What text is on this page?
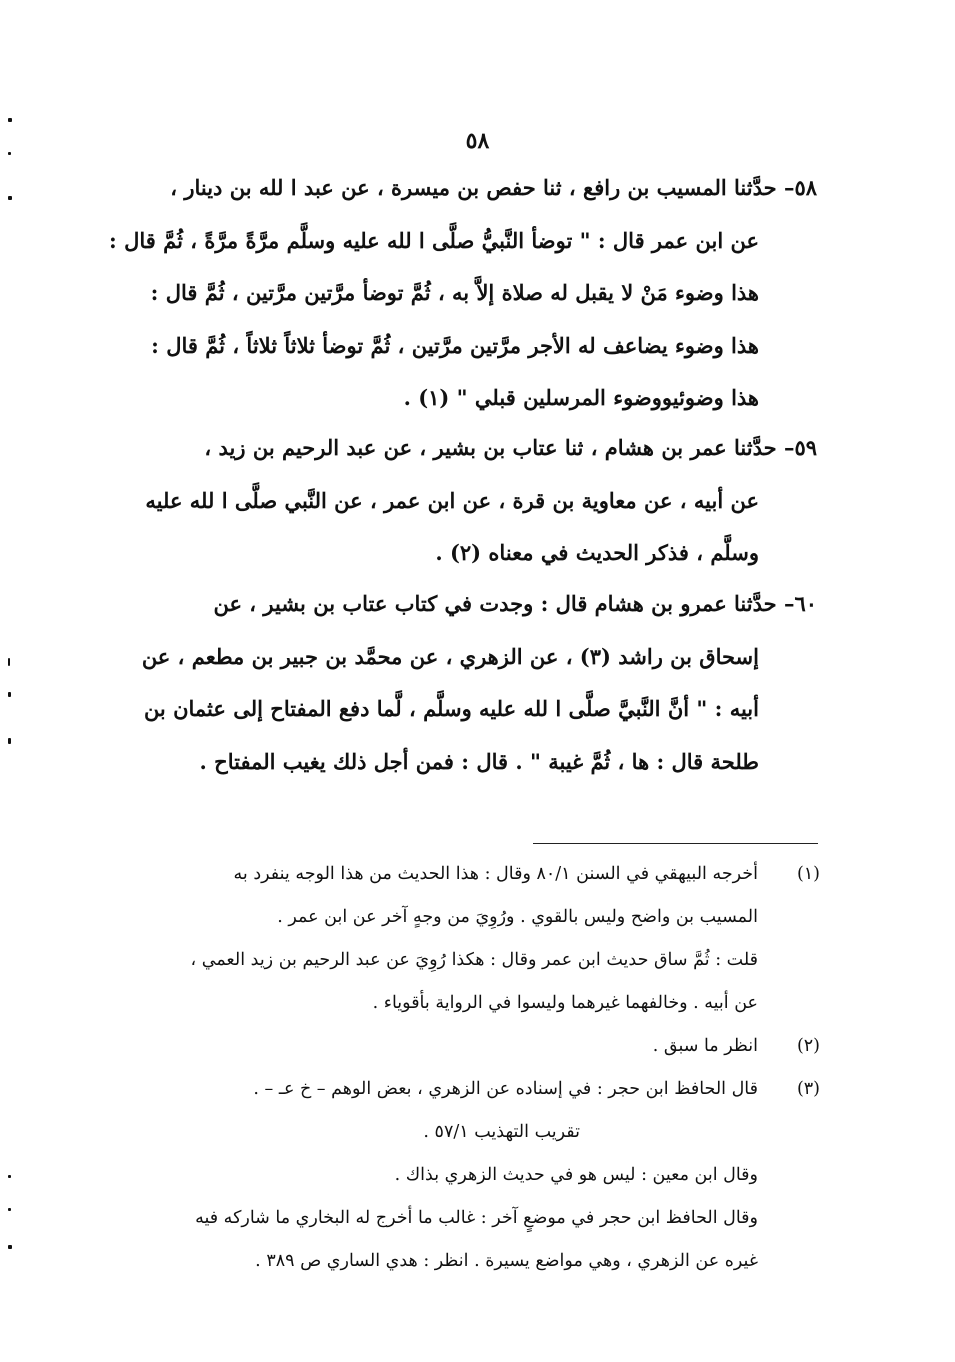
٥٨
٥٨– حدَّثنا المسيب بن رافع ، ثنا حفص بن ميسرة ، عن عبد ا لله بن دينار ،
عن ابن عمر قال : " توضأ النَّبيُّ صلَّى ا لله عليه وسلَّم مرَّةً مرَّةً ، ثُمَّ قال :
هذا وضوء مَنْ لا يقبل له صلاة إلاَّ به ، ثُمَّ توضأ مرَّتين مرَّتين ، ثُمَّ قال :
هذا وضوء يضاعف له الأجر مرَّتين مرَّتين ، ثُمَّ توضأ ثلاثاً ثلاثاً ، ثُمَّ قال :
هذا وضوئيووضوء المرسلين قبلي " (١) .
٥٩– حدَّثنا عمر بن هشام ، ثنا عتاب بن بشير ، عن عبد الرحيم بن زيد ،
عن أبيه ، عن معاوية بن قرة ، عن ابن عمر ، عن النَّبي صلَّى ا لله عليه
وسلَّم ، فذكر الحديث في معناه (٢) .
٦٠– حدَّثنا عمرو بن هشام قال : وجدت في كتاب عتاب بن بشير ، عن
إسحاق بن راشد (٣) ، عن الزهري ، عن محمَّد بن جبير بن مطعم ، عن
أبيه : " أنَّ النَّبيَّ صلَّى ا لله عليه وسلَّم ، لَّما دفع المفتاح إلى عثمان بن
طلحة قال : ها ، ثُمَّ غيبة " . قال : فمن أجل ذلك يغيب المفتاح .
(١)أخرجه البيهقي في السنن ٨٠/١ وقال : هذا الحديث من هذا الوجه ينفرد به
المسيب بن واضح وليس بالقوي . ورُوِيَ من وجهٍ آخر عن ابن عمر .
قلت : ثُمَّ ساق حديث ابن عمر وقال : هكذا رُوِيَ عن عبد الرحيم بن زيد العمي ،
عن أبيه . وخالفهما غيرهما وليسوا في الرواية بأقوياء .
(٢)انظر ما سبق .
(٣)قال الحافظ ابن حجر : في إسناده عن الزهري ، بعض الوهم – خ عـ – .
تقريب التهذيب ٥٧/١ .
وقال ابن معين : ليس هو في حديث الزهري بذاك .
وقال الحافظ ابن حجر في موضعٍ آخر : غالب ما أخرج له البخاري ما شاركه فيه
غيره عن الزهري ، وهي مواضع يسيرة . انظر : هدي الساري ص ٣٨٩ .
